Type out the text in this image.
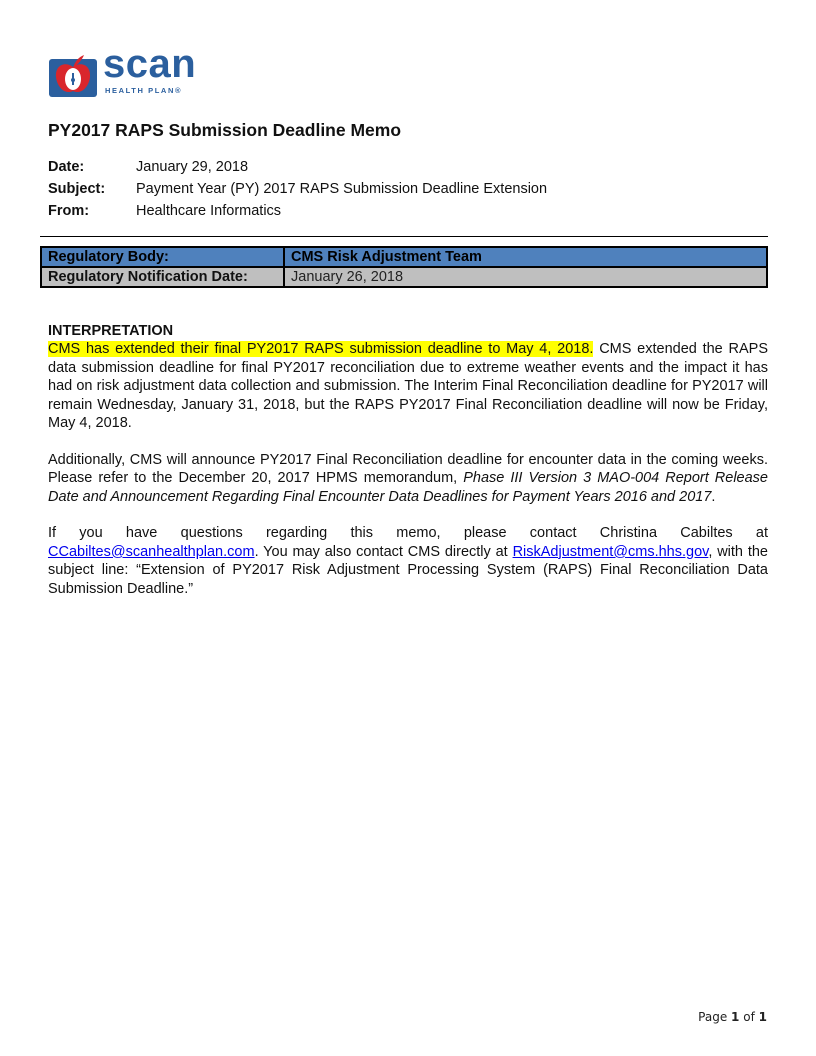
scan
HEALTH PLAN®
PY2017 RAPS Submission Deadline Memo
Date:	January 29, 2018
Subject: Payment Year (PY) 2017 RAPS Submission Deadline Extension
From:	Healthcare Informatics
Regulatory Body:	CMS Risk Adjustment Team
Regulatory Notification Date:	January 26, 2018
INTERPRETATION

CMS has extended their final PY2017 RAPS submission deadline to May 4, 2018. CMS extended the RAPS data submission deadline for final PY2017 reconciliation due to extreme weather events and the impact it has had on risk adjustment data collection and submission. The Interim Final Reconciliation deadline for PY2017 will remain Wednesday, January 31, 2018, but the RAPS PY2017 Final Reconciliation deadline will now be Friday, May 4, 2018.

Additionally, CMS will announce PY2017 Final Reconciliation deadline for encounter data in the coming weeks. Please refer to the December 20, 2017 HPMS memorandum, Phase III Version 3 MAO-004 Report Release Date and Announcement Regarding Final Encounter Data Deadlines for Payment Years 2016 and 2017.

If you have questions regarding this memo, please contact Christina Cabiltes at CCabiltes@scanhealthplan.com. You may also contact CMS directly at RiskAdjustment@cms.hhs.gov, with the subject line: “Extension of PY2017 Risk Adjustment Processing System (RAPS) Final Reconciliation Data Submission Deadline.”

Page 1 of 1
